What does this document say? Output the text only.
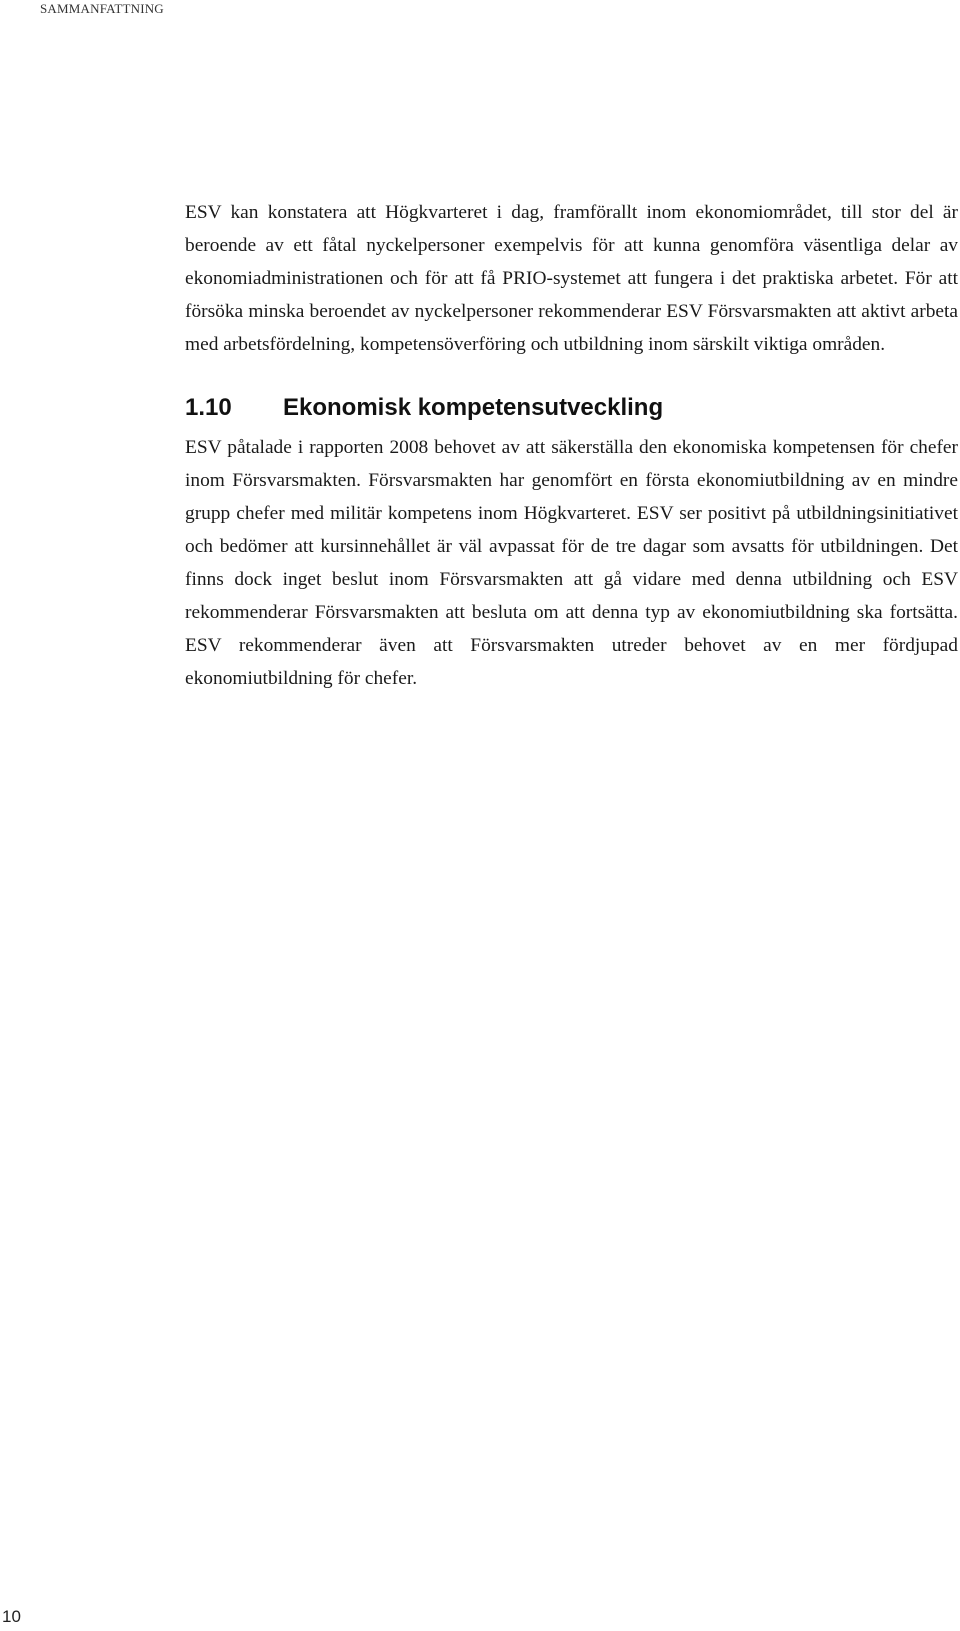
SAMMANFATTNING

ESV kan konstatera att Högkvarteret i dag, framförallt inom ekonomiområdet, till stor del är beroende av ett fåtal nyckelpersoner exempelvis för att kunna genomföra väsentliga delar av ekonomiadministrationen och för att få PRIO-systemet att fungera i det praktiska arbetet. För att försöka minska beroendet av nyckelpersoner rekommenderar ESV Försvarsmakten att aktivt arbeta med arbetsfördelning, kompetensöverföring och utbildning inom särskilt viktiga områden.

1.10	Ekonomisk kompetensutveckling

ESV påtalade i rapporten 2008 behovet av att säkerställa den ekonomiska kompetensen för chefer inom Försvarsmakten. Försvarsmakten har genomfört en första ekonomiutbildning av en mindre grupp chefer med militär kompetens inom Högkvarteret. ESV ser positivt på utbildningsinitiativet och bedömer att kursinnehållet är väl avpassat för de tre dagar som avsatts för utbildningen. Det finns dock inget beslut inom Försvarsmakten att gå vidare med denna utbildning och ESV rekommenderar Försvarsmakten att besluta om att denna typ av ekonomiutbildning ska fortsätta. ESV rekommenderar även att Försvarsmakten utreder behovet av en mer fördjupad ekonomiutbildning för chefer.

10
